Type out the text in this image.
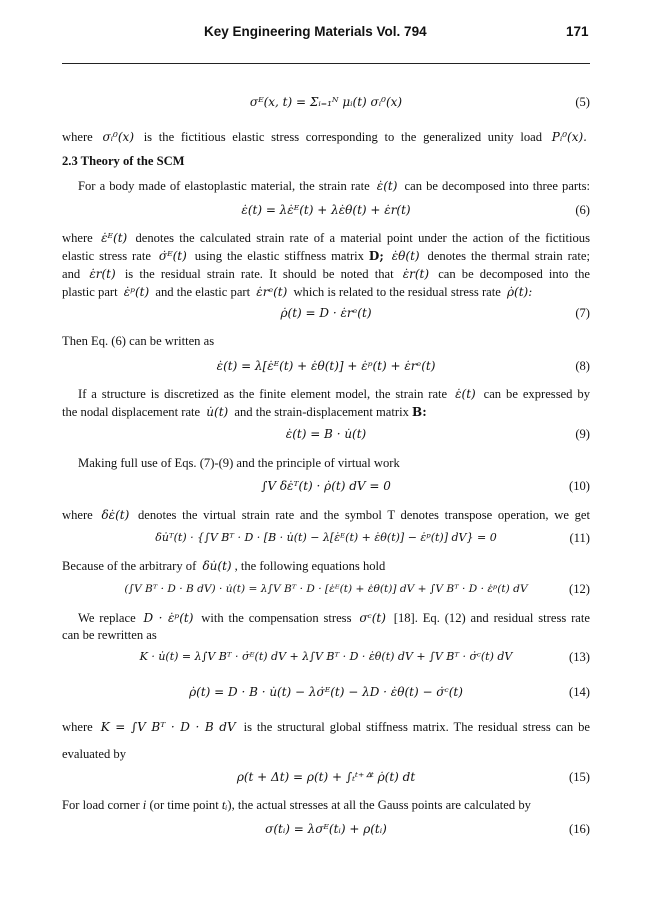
Key Engineering Materials Vol. 794	171
σᴱ(x, t) = Σᵢ₌₁ᴺ μᵢ(t) σᵢ⁰(x)	(5)
where σᵢ⁰(x) is the fictitious elastic stress corresponding to the generalized unity load Pᵢ⁰(x).
2.3 Theory of the SCM
For a body made of elastoplastic material, the strain rate ε̇(t) can be decomposed into three parts:
ε̇(t) = λε̇ᴱ(t) + λε̇θ(t) + ε̇r(t)	(6)
where ε̇ᴱ(t) denotes the calculated strain rate of a material point under the action of the fictitious
elastic stress rate σ̇ᴱ(t) using the elastic stiffness matrix D; ε̇θ(t) denotes the thermal strain rate;
and ε̇r(t) is the residual strain rate. It should be noted that ε̇r(t) can be decomposed into the
plastic part ε̇ᵖ(t) and the elastic part ε̇rᵉ(t) which is related to the residual stress rate ρ̇(t):
ρ̇(t) = D · ε̇rᵉ(t)	(7)
Then Eq. (6) can be written as
ε̇(t) = λ[ε̇ᴱ(t) + ε̇θ(t)] + ε̇ᵖ(t) + ε̇rᵉ(t)	(8)
If a structure is discretized as the finite element model, the strain rate ε̇(t) can be expressed by
the nodal displacement rate u̇(t) and the strain-displacement matrix B:
ε̇(t) = B · u̇(t)	(9)
Making full use of Eqs. (7)-(9) and the principle of virtual work
∫V δε̇ᵀ(t) · ρ̇(t) dV = 0	(10)
where δε̇(t) denotes the virtual strain rate and the symbol T denotes transpose operation, we get
δu̇ᵀ(t) · {∫V Bᵀ · D · [B · u̇(t) − λ[ε̇ᴱ(t) + ε̇θ(t)] − ε̇ᵖ(t)] dV} = 0	(11)
Because of the arbitrary of δu̇(t) , the following equations hold
(∫V Bᵀ · D · B dV) · u̇(t) = λ∫V Bᵀ · D · [ε̇ᴱ(t) + ε̇θ(t)] dV + ∫V Bᵀ · D · ε̇ᵖ(t) dV	(12)
We replace D · ε̇ᵖ(t) with the compensation stress σᶜ(t) [18]. Eq. (12) and residual stress rate
can be rewritten as
K · u̇(t) = λ∫V Bᵀ · σ̇ᴱ(t) dV + λ∫V Bᵀ · D · ε̇θ(t) dV + ∫V Bᵀ · σ̇ᶜ(t) dV	(13)
ρ̇(t) = D · B · u̇(t) − λσ̇ᴱ(t) − λD · ε̇θ(t) − σ̇ᶜ(t)	(14)
where K = ∫V Bᵀ · D · B dV is the structural global stiffness matrix. The residual stress can be
evaluated by
ρ(t + Δt) = ρ(t) + ∫ₜᵗ⁺ᐞᵗ ρ̇(t) dt	(15)
For load corner i (or time point tᵢ), the actual stresses at all the Gauss points are calculated by
σ(tᵢ) = λσᴱ(tᵢ) + ρ(tᵢ)	(16)
